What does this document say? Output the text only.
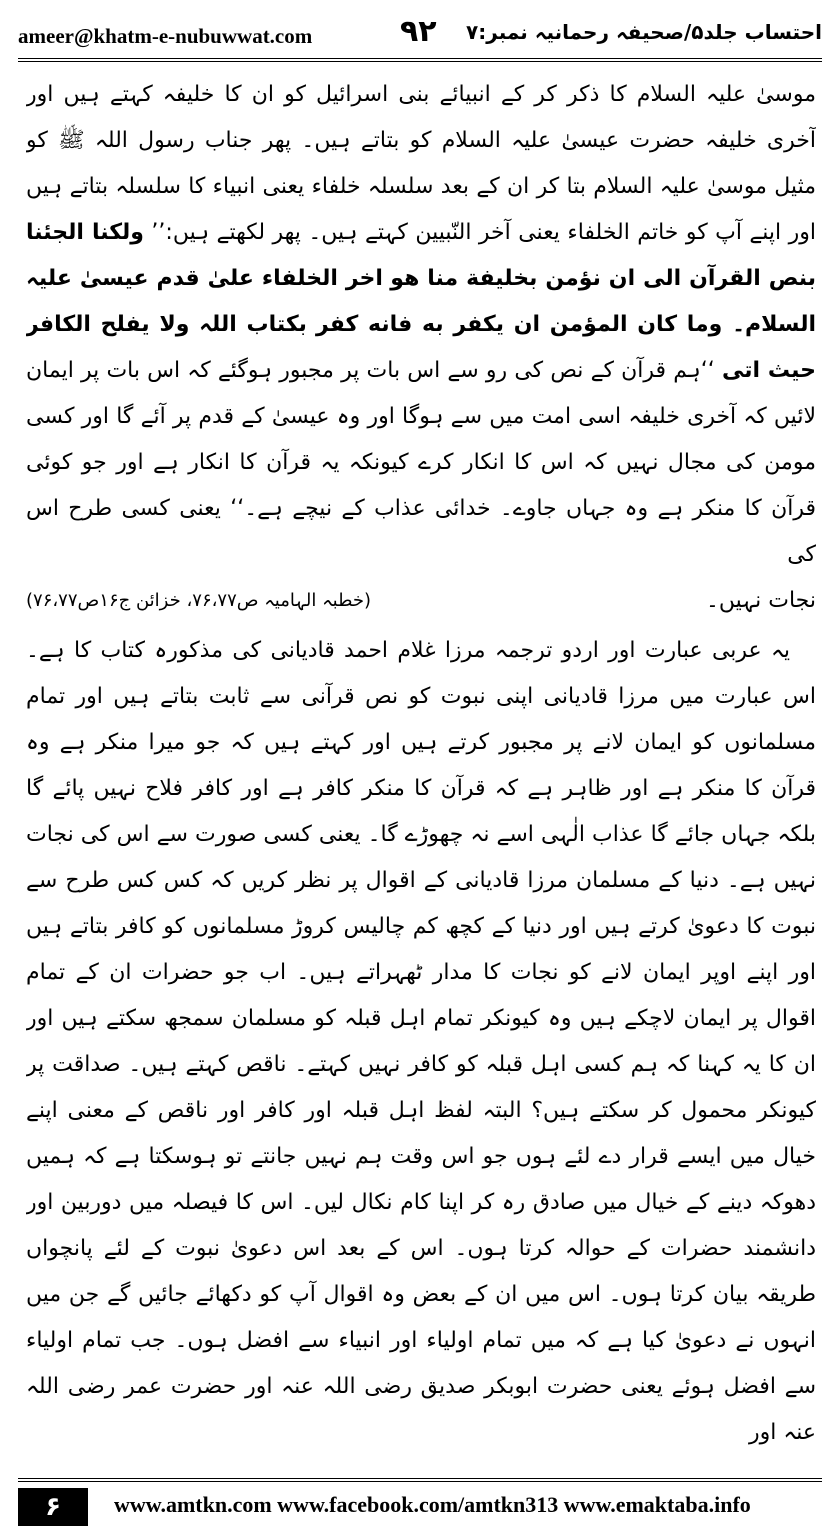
ameer@khatm-e-nubuwwat.com	۹۲ احتساب جلد۵/صحیفہ رحمانیہ نمبر:۷

موسیٰ علیہ السلام کا ذکر کر کے انبیائے بنی اسرائیل کو ان کا خلیفہ کہتے ہیں اور آخری خلیفہ حضرت عیسیٰ علیہ السلام کو بتاتے ہیں۔ پھر جناب رسول اللہ ﷺ کو مثیل موسیٰ علیہ السلام بتا کر ان کے بعد سلسلہ خلفاء یعنی انبیاء کا سلسلہ بتاتے ہیں اور اپنے آپ کو خاتم الخلفاء یعنی آخر النّبیین کہتے ہیں۔ پھر لکھتے ہیں:’’ ولکنا الجئنا بنص القرآن الی ان نؤمن بخلیفة منا هو اخر الخلفاء علیٰ قدم عیسیٰ علیہ السلام۔ وما کان المؤمن ان یکفر به فانه کفر بکتاب اللہ ولا یفلح الکافر حیث اتی ‘‘ہم قرآن کے نص کی رو سے اس بات پر مجبور ہوگئے کہ اس بات پر ایمان لائیں کہ آخری خلیفہ اسی امت میں سے ہوگا اور وہ عیسیٰ کے قدم پر آئے گا اور کسی مومن کی مجال نہیں کہ اس کا انکار کرے کیونکہ یہ قرآن کا انکار ہے اور جو کوئی قرآن کا منکر ہے وہ جہاں جاوے۔ خدائی عذاب کے نیچے ہے۔‘‘ یعنی کسی طرح اس کی

نجات نہیں۔
(خطبہ الہامیہ ص۷۶،۷۷، خزائن ج۱۶ص۷۶،۷۷)

یہ عربی عبارت اور اردو ترجمہ مرزا غلام احمد قادیانی کی مذکورہ کتاب کا ہے۔ اس عبارت میں مرزا قادیانی اپنی نبوت کو نص قرآنی سے ثابت بتاتے ہیں اور تمام مسلمانوں کو ایمان لانے پر مجبور کرتے ہیں اور کہتے ہیں کہ جو میرا منکر ہے وہ قرآن کا منکر ہے اور ظاہر ہے کہ قرآن کا منکر کافر ہے اور کافر فلاح نہیں پائے گا بلکہ جہاں جائے گا عذاب الٰہی اسے نہ چھوڑے گا۔ یعنی کسی صورت سے اس کی نجات نہیں ہے۔ دنیا کے مسلمان مرزا قادیانی کے اقوال پر نظر کریں کہ کس کس طرح سے نبوت کا دعویٰ کرتے ہیں اور دنیا کے کچھ کم چالیس کروڑ مسلمانوں کو کافر بتاتے ہیں اور اپنے اوپر ایمان لانے کو نجات کا مدار ٹھہراتے ہیں۔ اب جو حضرات ان کے تمام اقوال پر ایمان لاچکے ہیں وہ کیونکر تمام اہل قبلہ کو مسلمان سمجھ سکتے ہیں اور ان کا یہ کہنا کہ ہم کسی اہل قبلہ کو کافر نہیں کہتے۔ ناقص کہتے ہیں۔ صداقت پر کیونکر محمول کر سکتے ہیں؟ البتہ لفظ اہل قبلہ اور کافر اور ناقص کے معنی اپنے خیال میں ایسے قرار دے لئے ہوں جو اس وقت ہم نہیں جانتے تو ہوسکتا ہے کہ ہمیں دھوکہ دینے کے خیال میں صادق رہ کر اپنا کام نکال لیں۔ اس کا فیصلہ میں دوربین اور دانشمند حضرات کے حوالہ کرتا ہوں۔ اس کے بعد اس دعویٰ نبوت کے لئے پانچواں طریقہ بیان کرتا ہوں۔ اس میں ان کے بعض وہ اقوال آپ کو دکھائے جائیں گے جن میں انہوں نے دعویٰ کیا ہے کہ میں تمام اولیاء اور انبیاء سے افضل ہوں۔ جب تمام اولیاء سے افضل ہوئے یعنی حضرت ابوبکر صدیق رضی اللہ عنہ اور حضرت عمر رضی اللہ عنہ اور

۶	www.amtkn.com www.facebook.com/amtkn313 www.emaktaba.info
